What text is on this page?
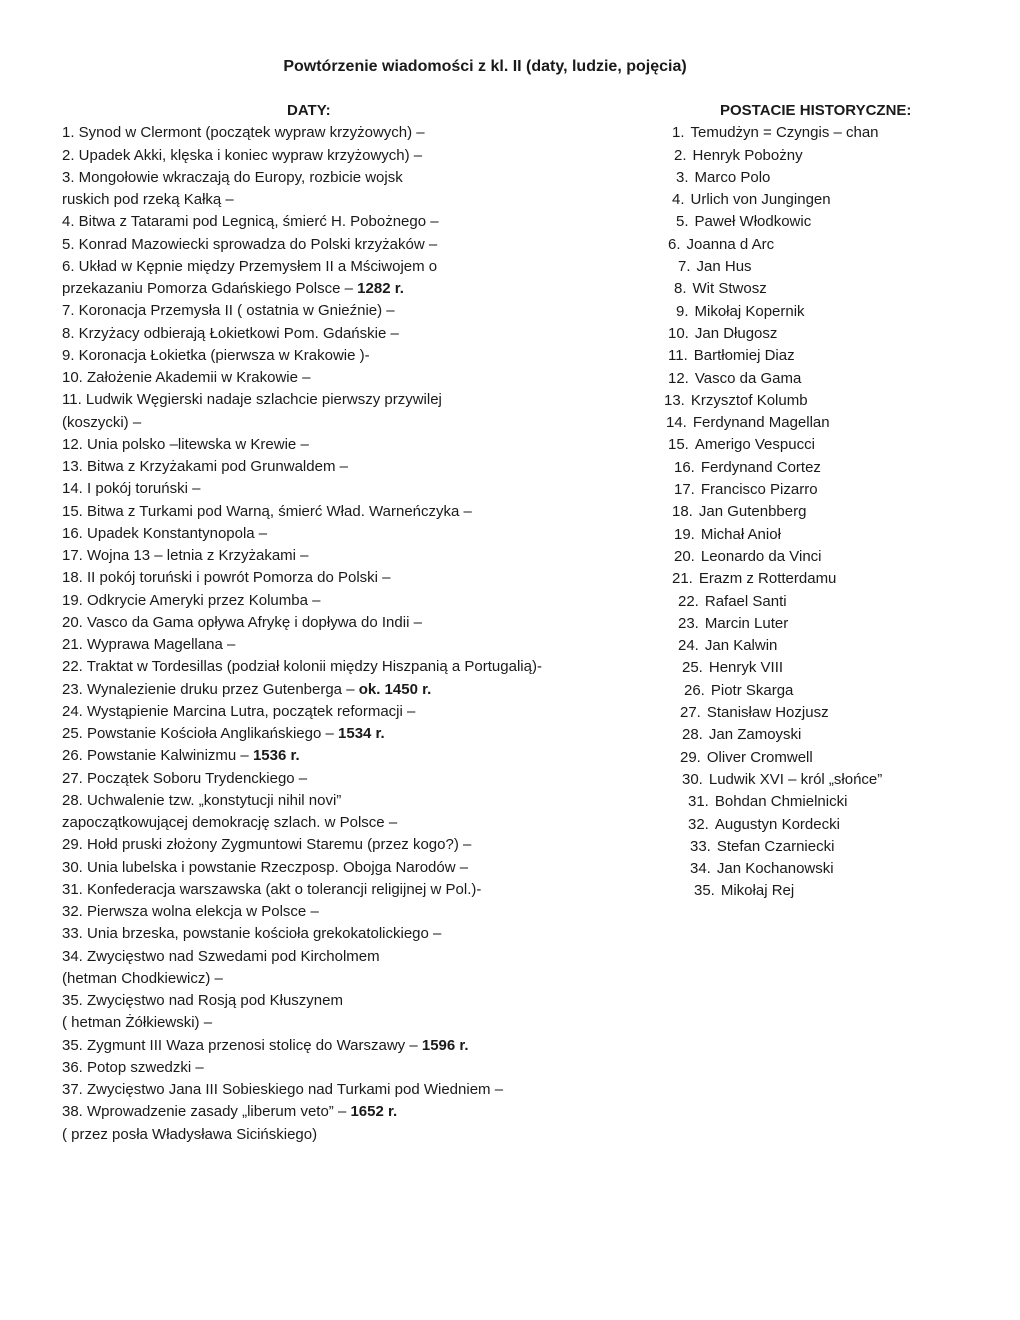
Powtórzenie wiadomości z kl. II (daty, ludzie, pojęcia)
DATY:
1. Synod w Clermont (początek wypraw krzyżowych) –
2. Upadek Akki, klęska i koniec wypraw krzyżowych) –
3. Mongołowie wkraczają do Europy, rozbicie wojsk
ruskich pod rzeką Kałką –
4. Bitwa z Tatarami pod Legnicą, śmierć H. Pobożnego –
5. Konrad Mazowiecki sprowadza do Polski krzyżaków –
6. Układ w Kępnie między Przemysłem II a Mściwojem o
przekazaniu Pomorza Gdańskiego Polsce – 1282 r.
7. Koronacja Przemysła II ( ostatnia w Gnieźnie) –
8. Krzyżacy odbierają Łokietkowi Pom. Gdańskie –
9. Koronacja Łokietka (pierwsza w Krakowie )-
10. Założenie Akademii w Krakowie –
11. Ludwik Węgierski nadaje szlachcie pierwszy przywilej
(koszycki) –
12. Unia polsko –litewska w Krewie –
13. Bitwa z Krzyżakami pod Grunwaldem –
14. I pokój toruński –
15. Bitwa z Turkami pod Warną, śmierć Wład. Warneńczyka –
16. Upadek Konstantynopola –
17. Wojna 13 – letnia z Krzyżakami –
18. II pokój toruński i powrót Pomorza do Polski –
19. Odkrycie Ameryki przez Kolumba –
20. Vasco da Gama opływa Afrykę i dopływa do Indii –
21. Wyprawa Magellana –
22. Traktat w Tordesillas (podział kolonii między Hiszpanią a Portugalią)-
23. Wynalezienie druku przez Gutenberga – ok. 1450 r.
24. Wystąpienie Marcina Lutra, początek reformacji –
25. Powstanie Kościoła Anglikańskiego – 1534 r.
26. Powstanie Kalwinizmu – 1536 r.
27. Początek Soboru Trydenckiego –
28. Uchwalenie tzw. „konstytucji nihil novi”
zapoczątkowującej demokrację szlach. w Polsce –
29. Hołd pruski złożony Zygmuntowi Staremu (przez kogo?) –
30. Unia lubelska i powstanie Rzeczposp. Obojga Narodów –
31. Konfederacja warszawska (akt o tolerancji religijnej w Pol.)-
32. Pierwsza wolna elekcja w Polsce –
33. Unia brzeska, powstanie kościoła grekokatolickiego –
34. Zwycięstwo nad Szwedami pod Kircholmem
(hetman Chodkiewicz) –
35. Zwycięstwo nad Rosją pod Kłuszynem
( hetman Żółkiewski) –
35. Zygmunt III Waza przenosi stolicę do Warszawy – 1596 r.
36. Potop szwedzki –
37. Zwycięstwo Jana III Sobieskiego nad Turkami pod Wiedniem –
38. Wprowadzenie zasady „liberum veto” – 1652 r.
( przez posła Władysława Sicińskiego)
POSTACIE HISTORYCZNE:
1. Temudżyn = Czyngis – chan
2. Henryk Pobożny
3. Marco Polo
4. Urlich von Jungingen
5. Paweł Włodkowic
6. Joanna d Arc
7. Jan Hus
8. Wit Stwosz
9. Mikołaj Kopernik
10. Jan Długosz
11. Bartłomiej Diaz
12. Vasco da Gama
13. Krzysztof Kolumb
14. Ferdynand Magellan
15. Amerigo Vespucci
16. Ferdynand Cortez
17. Francisco Pizarro
18. Jan Gutenbberg
19. Michał Anioł
20. Leonardo da Vinci
21. Erazm z Rotterdamu
22. Rafael Santi
23. Marcin Luter
24. Jan Kalwin
25. Henryk VIII
26. Piotr Skarga
27. Stanisław Hozjusz
28. Jan Zamoyski
29. Oliver Cromwell
30. Ludwik XVI – król „słońce”
31. Bohdan Chmielnicki
32. Augustyn Kordecki
33. Stefan Czarniecki
34. Jan Kochanowski
35. Mikołaj Rej
